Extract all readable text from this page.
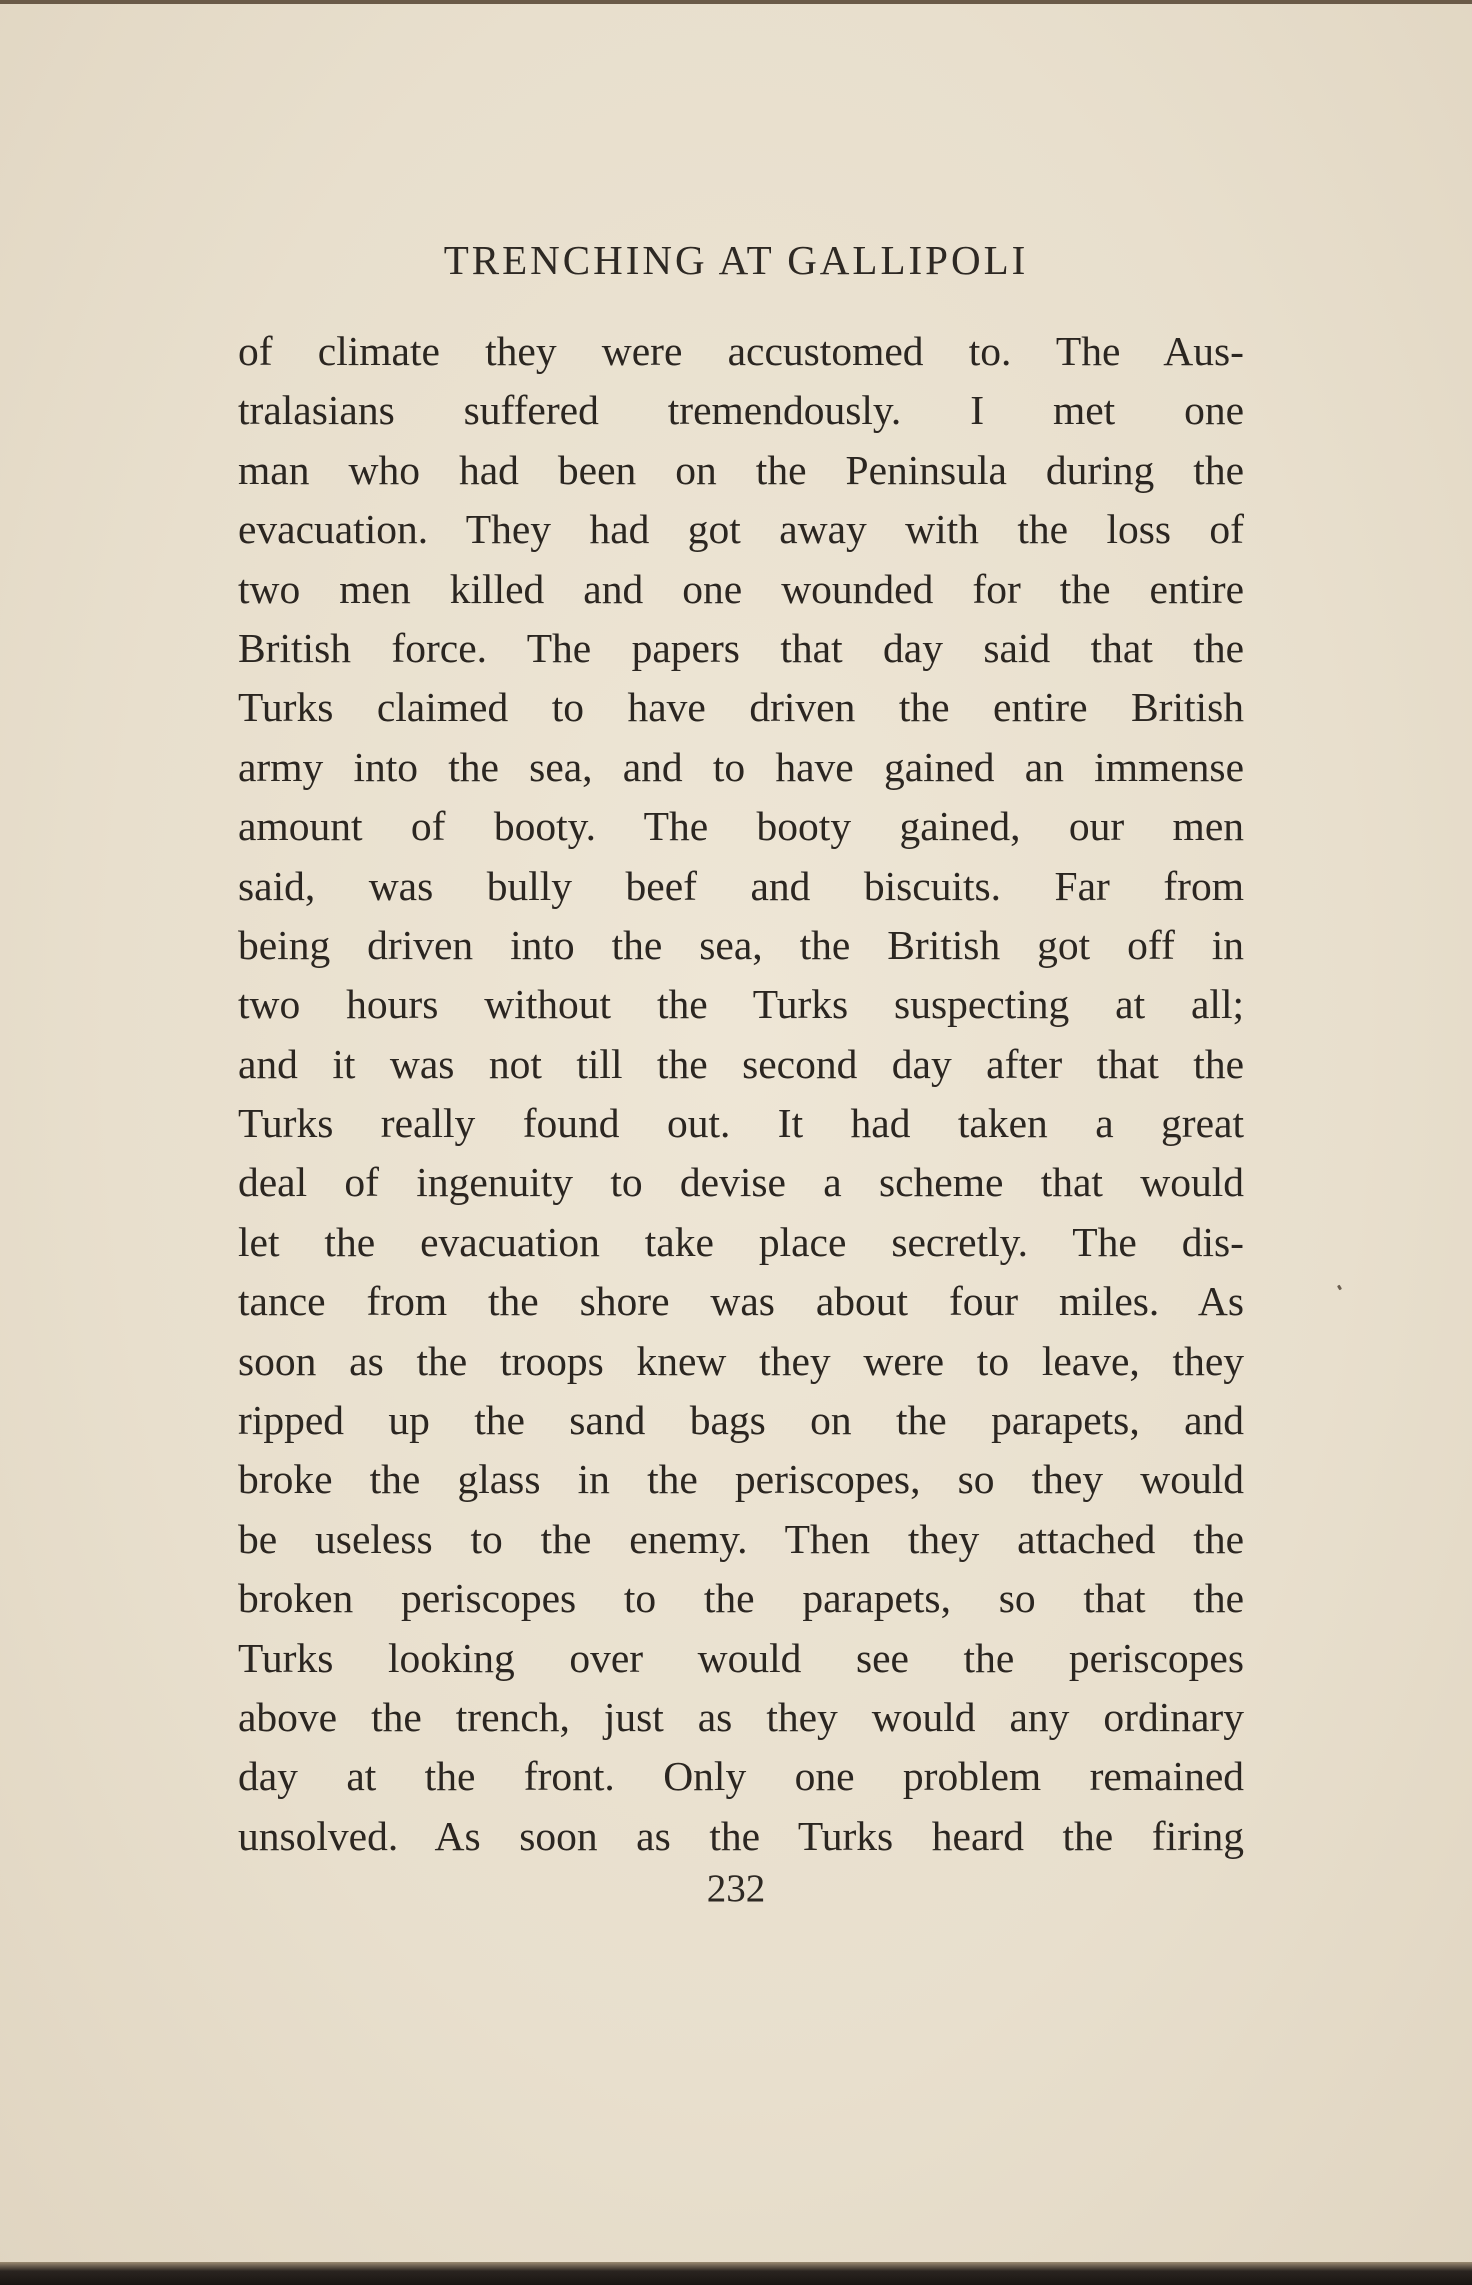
TRENCHING AT GALLIPOLI
of climate they were accustomed to. The Aus-
tralasians suffered tremendously. I met one
man who had been on the Peninsula during the
evacuation. They had got away with the loss of
two men killed and one wounded for the entire
British force. The papers that day said that the
Turks claimed to have driven the entire British
army into the sea, and to have gained an immense
amount of booty. The booty gained, our men
said, was bully beef and biscuits. Far from
being driven into the sea, the British got off in
two hours without the Turks suspecting at all;
and it was not till the second day after that the
Turks really found out. It had taken a great
deal of ingenuity to devise a scheme that would
let the evacuation take place secretly. The dis-
tance from the shore was about four miles. As
soon as the troops knew they were to leave, they
ripped up the sand bags on the parapets, and
broke the glass in the periscopes, so they would
be useless to the enemy. Then they attached the
broken periscopes to the parapets, so that the
Turks looking over would see the periscopes
above the trench, just as they would any ordinary
day at the front. Only one problem remained
unsolved. As soon as the Turks heard the firing
232
